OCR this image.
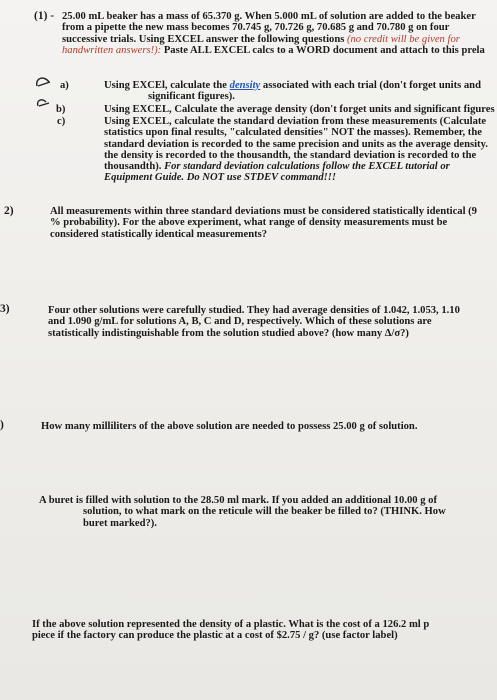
(1) - 25.00 mL beaker has a mass of 65.370 g. When 5.000 mL of solution are added to the beaker
from a pipette the new mass becomes 70.745 g, 70.726 g, 70.685 g and 70.780 g on four
successive trials. Using EXCEL answer the following questions (no credit will be given for
handwritten answers!): Paste ALL EXCEL calcs to a WORD document and attach to this prela
a)	Using EXCEl, calculate the density associated with each trial (don't forget units and
significant figures).
b)	Using EXCEL, Calculate the average density (don't forget units and significant figures
c)	Using EXCEL, calculate the standard deviation from these measurements (Calculate
statistics upon final results, "calculated densities" NOT the masses). Remember, the
standard deviation is recorded to the same precision and units as the average density.
the density is recorded to the thousandth, the standard deviation is recorded to the
thousandth). For standard deviation calculations follow the EXCEL tutorial or
Equipment Guide. Do NOT use STDEV command!!!
2)	All measurements within three standard deviations must be considered statistically identical (9
% probability). For the above experiment, what range of density measurements must be
considered statistically identical measurements?
3)	Four other solutions were carefully studied. They had average densities of 1.042, 1.053, 1.10
and 1.090 g/mL for solutions A, B, C and D, respectively. Which of these solutions are
statistically indistinguishable from the solution studied above? (how many Δ/σ?)
)	How many milliliters of the above solution are needed to possess 25.00 g of solution.
A buret is filled with solution to the 28.50 ml mark. If you added an additional 10.00 g of
solution, to what mark on the reticule will the beaker be filled to? (THINK. How
buret marked?).
If the above solution represented the density of a plastic. What is the cost of a 126.2 ml p
piece if the factory can produce the plastic at a cost of $2.75 / g? (use factor label)
